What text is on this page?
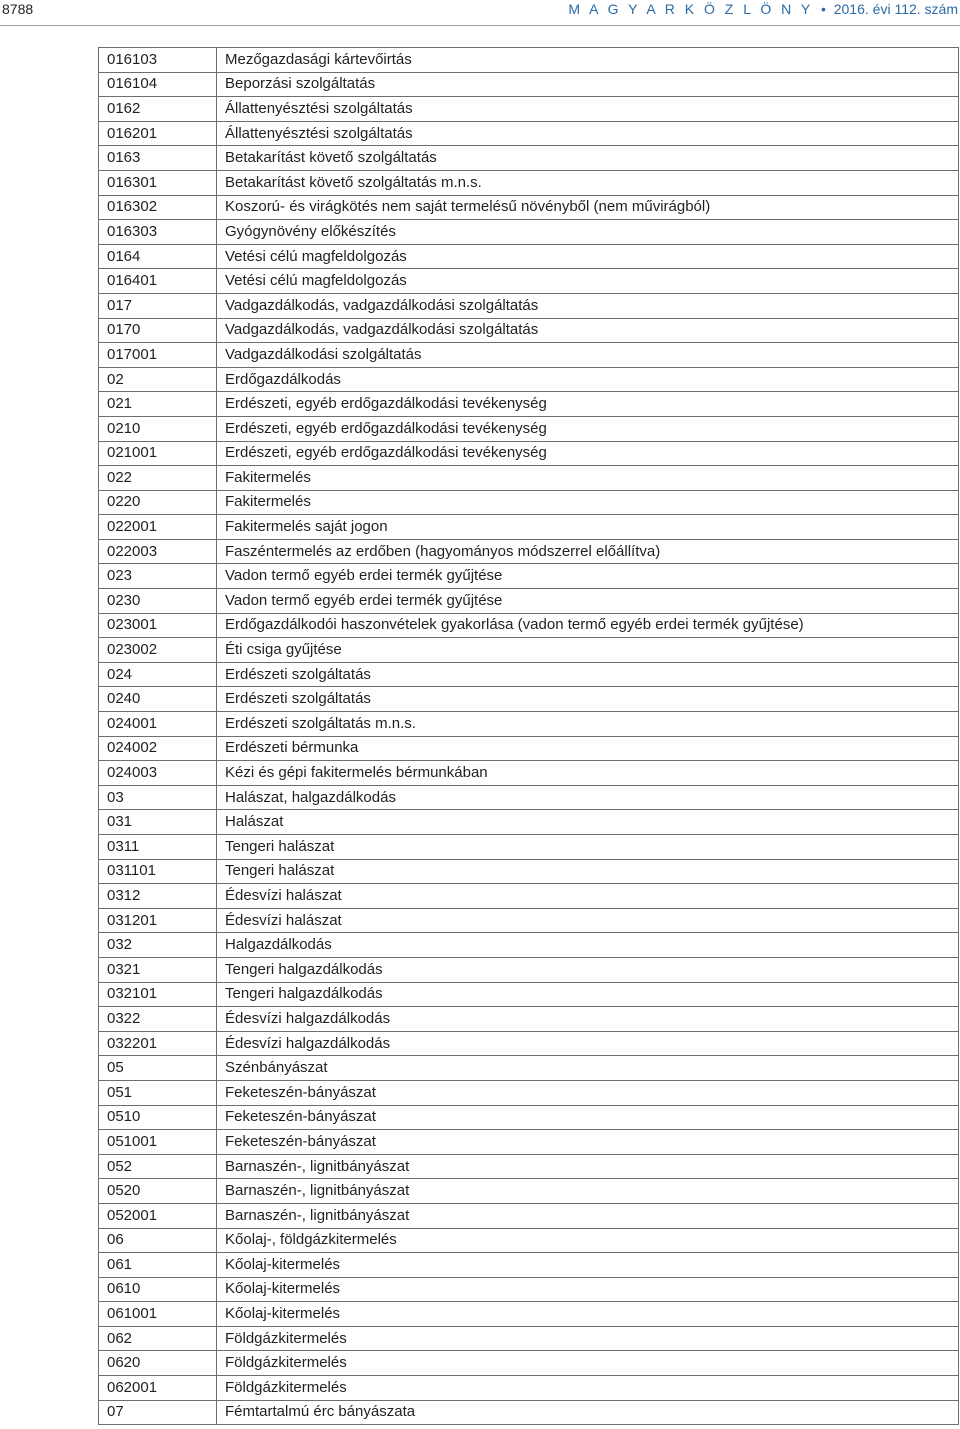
8788	M A G Y A R K Ö Z L Ö N Y • 2016. évi 112. szám
016103	Mezőgazdasági kártevőirtás
016104	Beporzási szolgáltatás
0162	Állattenyésztési szolgáltatás
016201	Állattenyésztési szolgáltatás
0163	Betakarítást követő szolgáltatás
016301	Betakarítást követő szolgáltatás m.n.s.
016302	Koszorú- és virágkötés nem saját termelésű növényből (nem művirágból)
016303	Gyógynövény előkészítés
0164	Vetési célú magfeldolgozás
016401	Vetési célú magfeldolgozás
017	Vadgazdálkodás, vadgazdálkodási szolgáltatás
0170	Vadgazdálkodás, vadgazdálkodási szolgáltatás
017001	Vadgazdálkodási szolgáltatás
02	Erdőgazdálkodás
021	Erdészeti, egyéb erdőgazdálkodási tevékenység
0210	Erdészeti, egyéb erdőgazdálkodási tevékenység
021001	Erdészeti, egyéb erdőgazdálkodási tevékenység
022	Fakitermelés
0220	Fakitermelés
022001	Fakitermelés saját jogon
022003	Faszéntermelés az erdőben (hagyományos módszerrel előállítva)
023	Vadon termő egyéb erdei termék gyűjtése
0230	Vadon termő egyéb erdei termék gyűjtése
023001	Erdőgazdálkodói haszonvételek gyakorlása (vadon termő egyéb erdei termék gyűjtése)
023002	Éti csiga gyűjtése
024	Erdészeti szolgáltatás
0240	Erdészeti szolgáltatás
024001	Erdészeti szolgáltatás m.n.s.
024002	Erdészeti bérmunka
024003	Kézi és gépi fakitermelés bérmunkában
03	Halászat, halgazdálkodás
031	Halászat
0311	Tengeri halászat
031101	Tengeri halászat
0312	Édesvízi halászat
031201	Édesvízi halászat
032	Halgazdálkodás
0321	Tengeri halgazdálkodás
032101	Tengeri halgazdálkodás
0322	Édesvízi halgazdálkodás
032201	Édesvízi halgazdálkodás
05	Szénbányászat
051	Feketeszén-bányászat
0510	Feketeszén-bányászat
051001	Feketeszén-bányászat
052	Barnaszén-, lignitbányászat
0520	Barnaszén-, lignitbányászat
052001	Barnaszén-, lignitbányászat
06	Kőolaj-, földgázkitermelés
061	Kőolaj-kitermelés
0610	Kőolaj-kitermelés
061001	Kőolaj-kitermelés
062	Földgázkitermelés
0620	Földgázkitermelés
062001	Földgázkitermelés
07	Fémtartalmú érc bányászata
